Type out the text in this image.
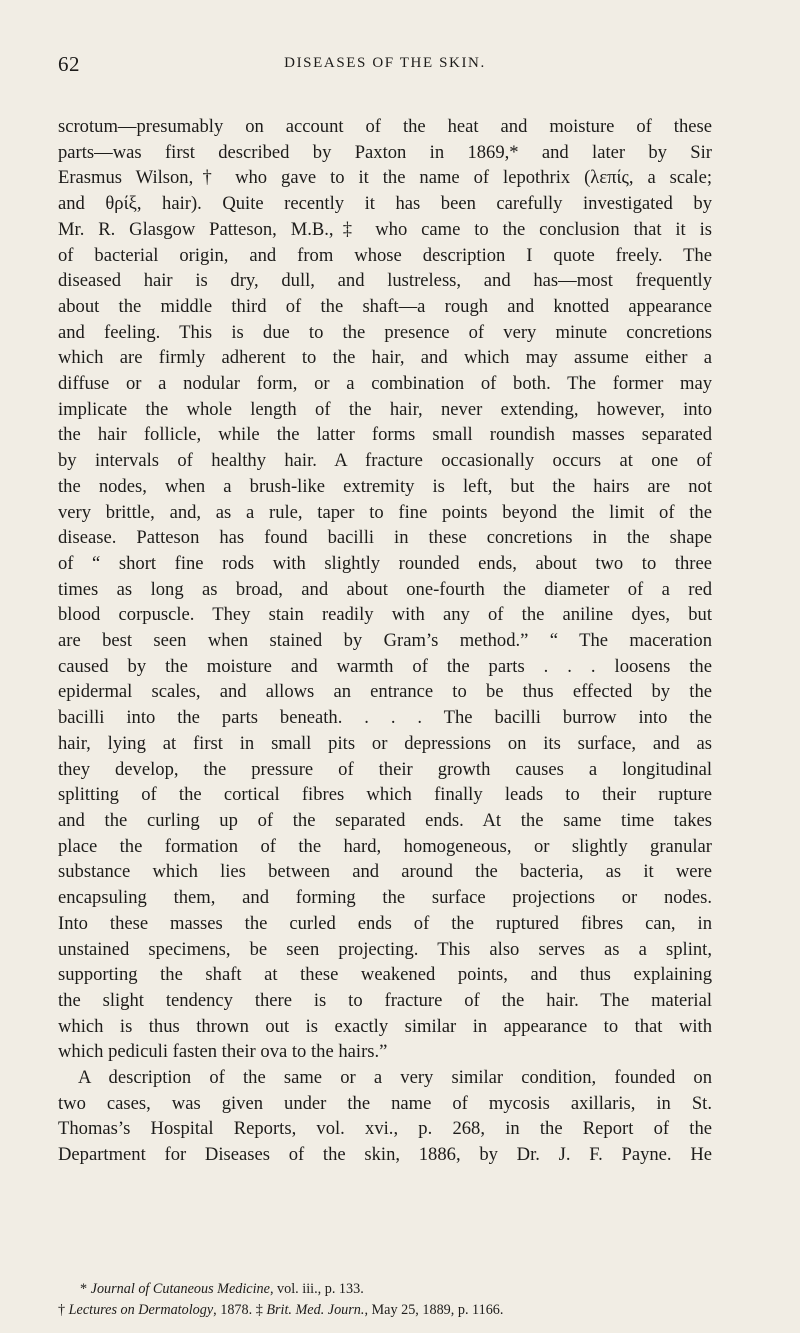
62	DISEASES OF THE SKIN.

scrotum—presumably on account of the heat and moisture of these

parts—was first described by Paxton in 1869,* and later by Sir

Erasmus Wilson,† who gave to it the name of lepothrix (λεπίς, a scale;

and θρίξ, hair). Quite recently it has been carefully investigated by

Mr. R. Glasgow Patteson, M.B.,‡ who came to the conclusion that it is

of bacterial origin, and from whose description I quote freely. The

diseased hair is dry, dull, and lustreless, and has—most frequently

about the middle third of the shaft—a rough and knotted appearance

and feeling. This is due to the presence of very minute concretions

which are firmly adherent to the hair, and which may assume either a

diffuse or a nodular form, or a combination of both. The former may

implicate the whole length of the hair, never extending, however, into

the hair follicle, while the latter forms small roundish masses separated

by intervals of healthy hair. A fracture occasionally occurs at one of

the nodes, when a brush-like extremity is left, but the hairs are not

very brittle, and, as a rule, taper to fine points beyond the limit of the

disease. Patteson has found bacilli in these concretions in the shape

of “ short fine rods with slightly rounded ends, about two to three

times as long as broad, and about one-fourth the diameter of a red

blood corpuscle. They stain readily with any of the aniline dyes, but

are best seen when stained by Gram’s method.” “ The maceration

caused by the moisture and warmth of the parts . . . loosens the

epidermal scales, and allows an entrance to be thus effected by the

bacilli into the parts beneath. . . . The bacilli burrow into the

hair, lying at first in small pits or depressions on its surface, and as

they develop, the pressure of their growth causes a longitudinal

splitting of the cortical fibres which finally leads to their rupture

and the curling up of the separated ends. At the same time takes

place the formation of the hard, homogeneous, or slightly granular

substance which lies between and around the bacteria, as it were

encapsuling them, and forming the surface projections or nodes.

Into these masses the curled ends of the ruptured fibres can, in

unstained specimens, be seen projecting. This also serves as a splint,

supporting the shaft at these weakened points, and thus explaining

the slight tendency there is to fracture of the hair. The material

which is thus thrown out is exactly similar in appearance to that with

which pediculi fasten their ova to the hairs.”

A description of the same or a very similar condition, founded on

two cases, was given under the name of mycosis axillaris, in St.

Thomas’s Hospital Reports, vol. xvi., p. 268, in the Report of the

Department for Diseases of the skin, 1886, by Dr. J. F. Payne. He

* Journal of Cutaneous Medicine, vol. iii., p. 133.

† Lectures on Dermatology, 1878. ‡ Brit. Med. Journ., May 25, 1889, p. 1166.
